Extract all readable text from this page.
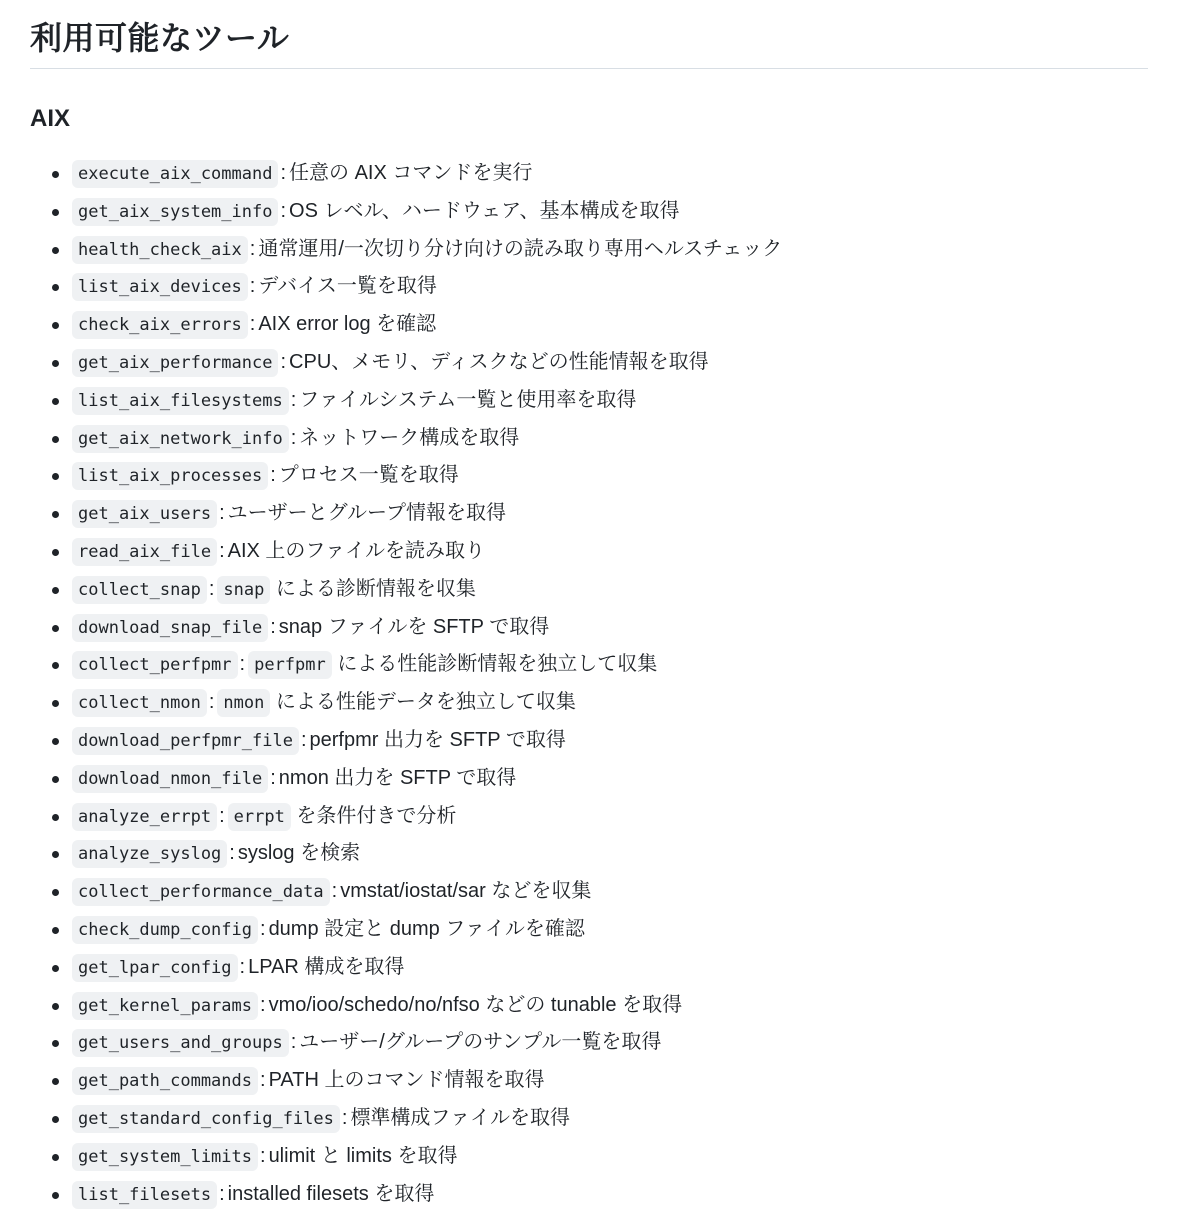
利用可能なツール
AIX
execute_aix_command : 任意の AIX コマンドを実行
get_aix_system_info : OS レベル、ハードウェア、基本構成を取得
health_check_aix : 通常運用/一次切り分け向けの読み取り専用ヘルスチェック
list_aix_devices : デバイス一覧を取得
check_aix_errors : AIX error log を確認
get_aix_performance : CPU、メモリ、ディスクなどの性能情報を取得
list_aix_filesystems : ファイルシステム一覧と使用率を取得
get_aix_network_info : ネットワーク構成を取得
list_aix_processes : プロセス一覧を取得
get_aix_users : ユーザーとグループ情報を取得
read_aix_file : AIX 上のファイルを読み取り
collect_snap : snap による診断情報を収集
download_snap_file : snap ファイルを SFTP で取得
collect_perfpmr : perfpmr による性能診断情報を独立して収集
collect_nmon : nmon による性能データを独立して収集
download_perfpmr_file : perfpmr 出力を SFTP で取得
download_nmon_file : nmon 出力を SFTP で取得
analyze_errpt : errpt を条件付きで分析
analyze_syslog : syslog を検索
collect_performance_data : vmstat/iostat/sar などを収集
check_dump_config : dump 設定と dump ファイルを確認
get_lpar_config : LPAR 構成を取得
get_kernel_params : vmo/ioo/schedo/no/nfso などの tunable を取得
get_users_and_groups : ユーザー/グループのサンプル一覧を取得
get_path_commands : PATH 上のコマンド情報を取得
get_standard_config_files : 標準構成ファイルを取得
get_system_limits : ulimit と limits を取得
list_filesets : installed filesets を取得
